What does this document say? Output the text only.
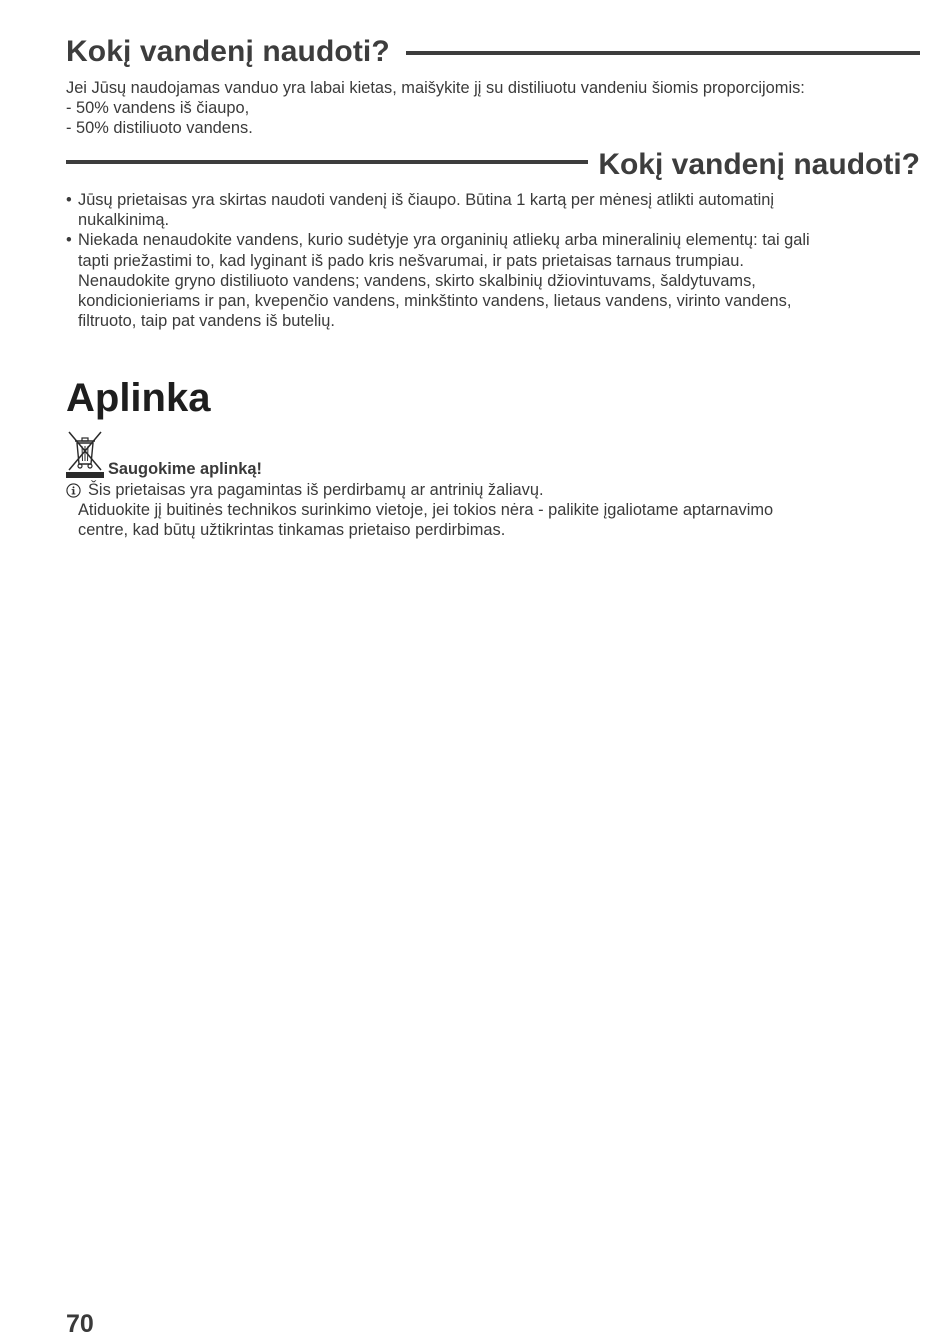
Kokį vandenį naudoti?

Jei Jūsų naudojamas vanduo yra labai kietas, maišykite jį su distiliuotu vandeniu šiomis proporcijomis:

- 50% vandens iš čiaupo,

- 50% distiliuoto vandens.

Kokį vandenį naudoti?
• Jūsų prietaisas yra skirtas naudoti vandenį iš čiaupo. Būtina 1 kartą per mėnesį atlikti automatinį

nukalkinimą.

• Niekada nenaudokite vandens, kurio sudėtyje yra organinių atliekų arba mineralinių elementų: tai gali

tapti priežastimi to, kad lyginant iš pado kris nešvarumai, ir pats prietaisas tarnaus trumpiau.

Nenaudokite gryno distiliuoto vandens; vandens, skirto skalbinių džiovintuvams, šaldytuvams,

kondicionieriams ir pan, kvepenčio vandens, minkštinto vandens, lietaus vandens, virinto vandens,

filtruoto, taip pat vandens iš butelių.

Aplinka
Saugokime aplinką!

Šis prietaisas yra pagamintas iš perdirbamų ar antrinių žaliavų.

Atiduokite jį buitinės technikos surinkimo vietoje, jei tokios nėra - palikite įgaliotame aptarnavimo

centre, kad būtų užtikrintas tinkamas prietaiso perdirbimas.

70
